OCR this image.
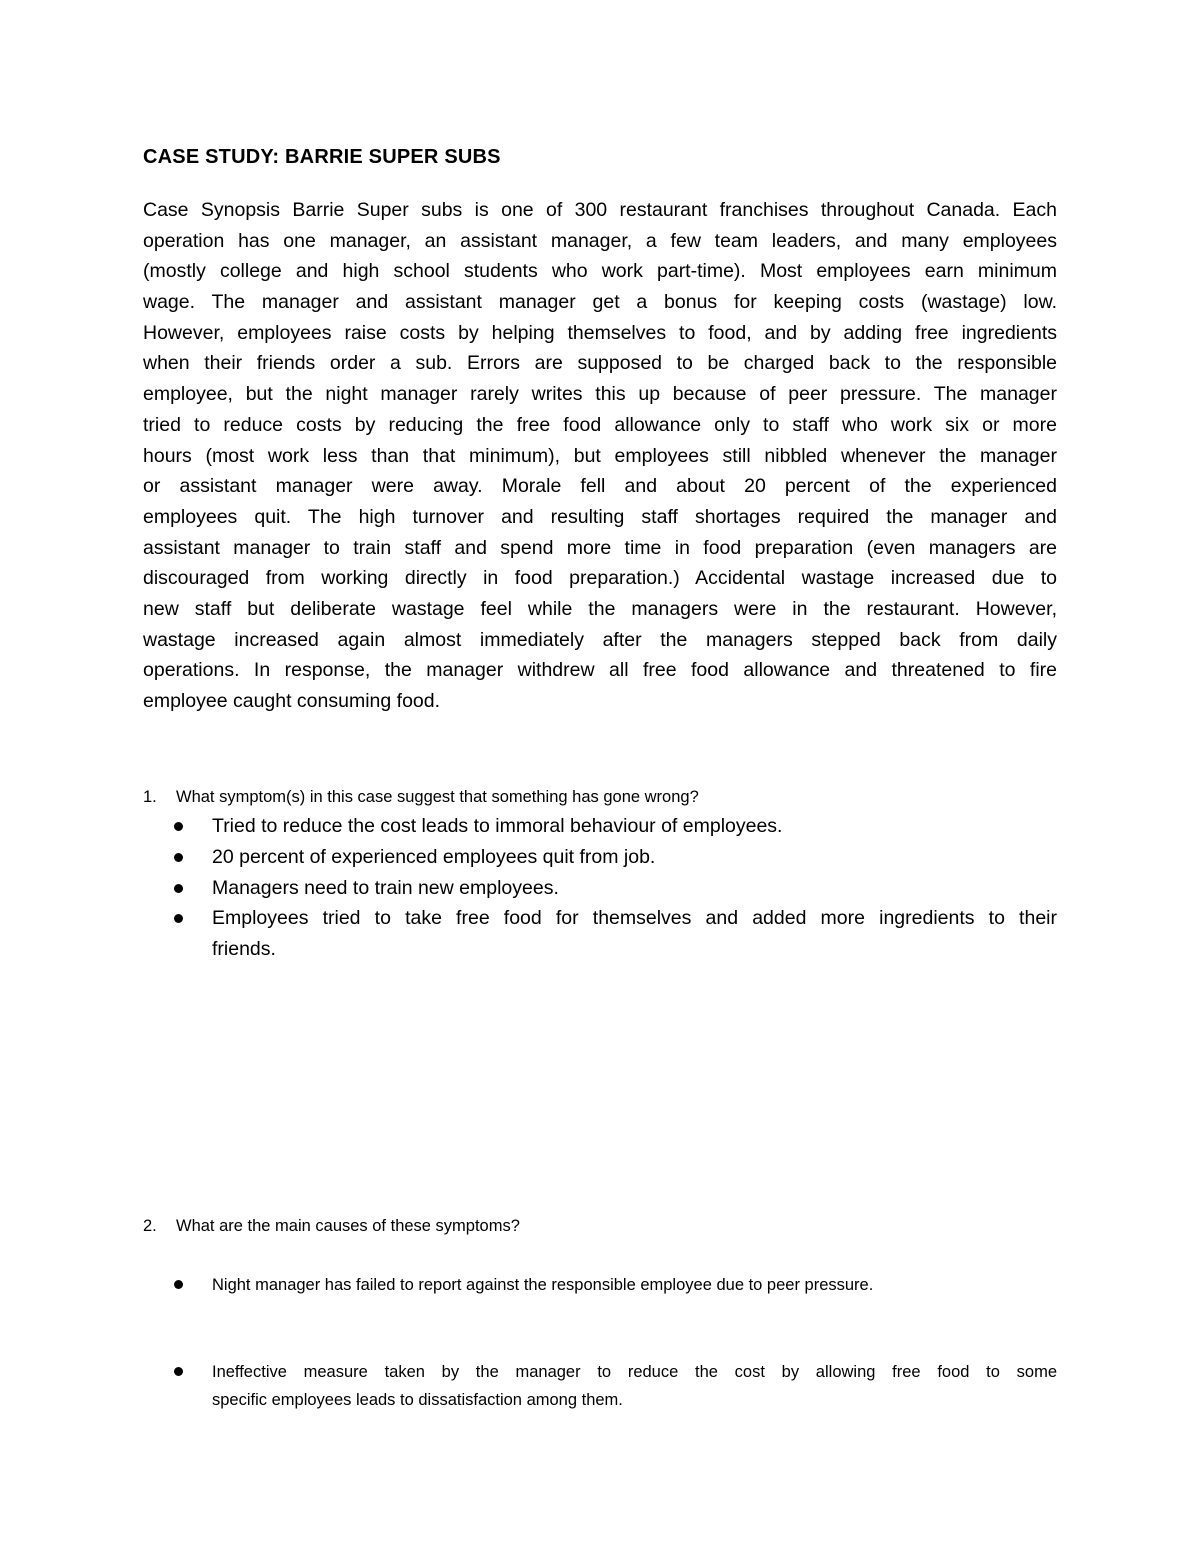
CASE STUDY: BARRIE SUPER SUBS
Case Synopsis Barrie Super subs is one of 300 restaurant franchises throughout Canada. Each
operation has one manager, an assistant manager, a few team leaders, and many employees
(mostly college and high school students who work part-time). Most employees earn minimum
wage. The manager and assistant manager get a bonus for keeping costs (wastage) low.
However, employees raise costs by helping themselves to food, and by adding free ingredients
when their friends order a sub. Errors are supposed to be charged back to the responsible
employee, but the night manager rarely writes this up because of peer pressure. The manager
tried to reduce costs by reducing the free food allowance only to staff who work six or more
hours (most work less than that minimum), but employees still nibbled whenever the manager
or assistant manager were away. Morale fell and about 20 percent of the experienced
employees quit. The high turnover and resulting staff shortages required the manager and
assistant manager to train staff and spend more time in food preparation (even managers are
discouraged from working directly in food preparation.) Accidental wastage increased due to
new staff but deliberate wastage feel while the managers were in the restaurant. However,
wastage increased again almost immediately after the managers stepped back from daily
operations. In response, the manager withdrew all free food allowance and threatened to fire
employee caught consuming food.
1. What symptom(s) in this case suggest that something has gone wrong?
Tried to reduce the cost leads to immoral behaviour of employees.
20 percent of experienced employees quit from job.
Managers need to train new employees.
Employees tried to take free food for themselves and added more ingredients to their
friends.
2. What are the main causes of these symptoms?
Night manager has failed to report against the responsible employee due to peer pressure.
Ineffective measure taken by the manager to reduce the cost by allowing free food to some
specific employees leads to dissatisfaction among them.
